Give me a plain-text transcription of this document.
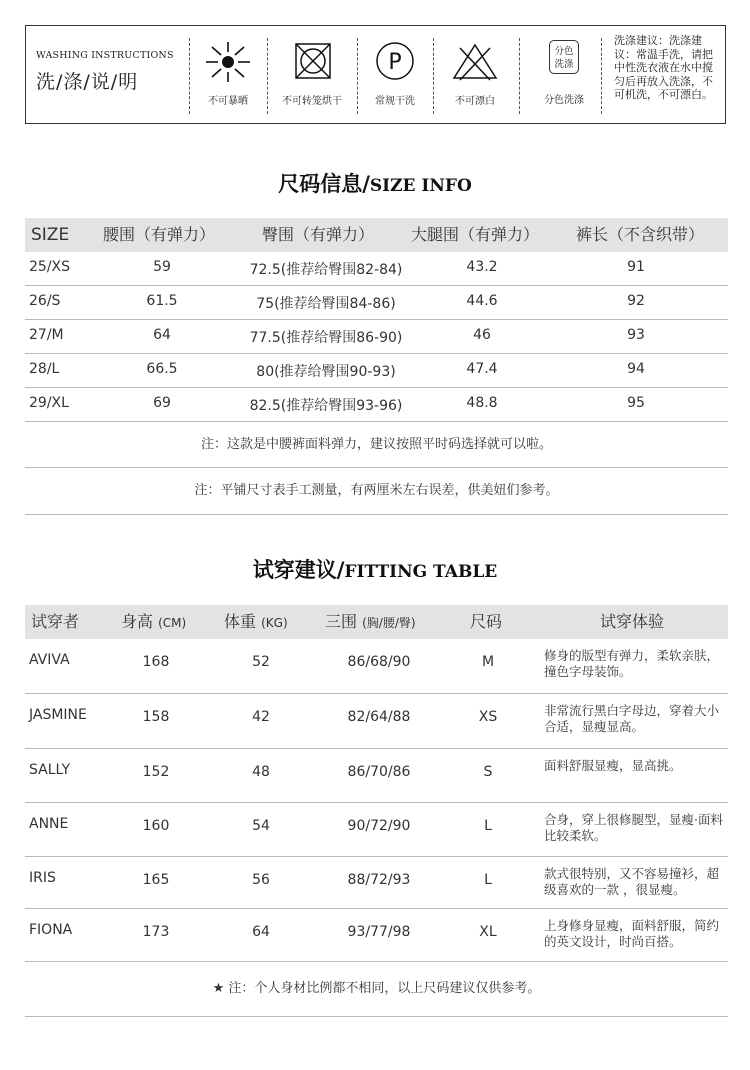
WASHING INSTRUCTIONS
洗/涤/说/明
不可暴晒	不可转笼烘干
P
常规干洗	不可漂白
分色洗涤
分色洗涤
洗涤建议：洗涤建议：常温手洗，请把中性洗衣液在水中搅匀后再放入洗涤，不可机洗，不可漂白。
尺码信息/SIZE INFO
SIZE 腰围（有弹力）	臀围（有弹力） 大腿围（有弹力） 裤长（不含织带）
25/XS	59	72.5(推荐给臀围82-84)	43.2	91
26/S	61.5	75(推荐给臀围84-86)	44.6	92
27/M	64	77.5(推荐给臀围86-90)	46	93
28/L	66.5	80(推荐给臀围90-93)	47.4	94
29/XL	69	82.5(推荐给臀围93-96)	48.8	95
注：这款是中腰裤面料弹力，建议按照平时码选择就可以啦。
注：平铺尺寸表手工测量，有两厘米左右误差，供美妞们参考。
试穿建议/FITTING TABLE
试穿者	身高 (CM) 体重 (KG) 三围 (胸/腰/臀)	尺码	试穿体验
AVIVA	168	52	86/68/90	M	修身的版型有弹力，柔软亲肤，撞色字母装饰。
JASMINE	158	42	82/64/88	XS	非常流行黑白字母边，穿着大小合适，显瘦显高。
SALLY	152	48	86/70/86	S	面料舒服显瘦，显高挑。
ANNE	160	54	90/72/90	L	合身，穿上很修腿型，显瘦·面料比较柔软。
IRIS	165	56	88/72/93	L	款式很特别，又不容易撞衫，超级喜欢的一款 ，很显瘦。
FIONA	173	64	93/77/98	XL	上身修身显瘦，面料舒服，简约的英文设计，时尚百搭。
★ 注：个人身材比例都不相同，以上尺码建议仅供参考。
